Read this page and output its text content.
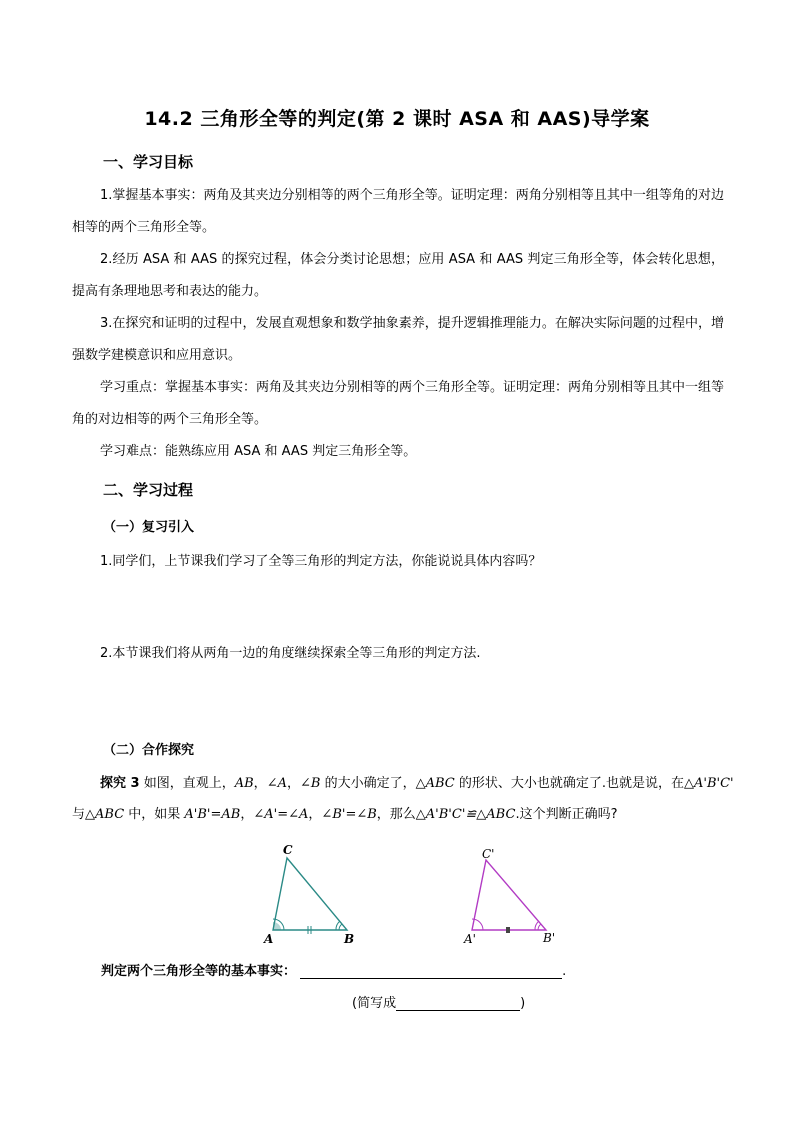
14.2 三角形全等的判定(第 2 课时 ASA 和 AAS)导学案
一、学习目标
1.掌握基本事实：两角及其夹边分别相等的两个三角形全等。证明定理：两角分别相等且其中一组等角的对边相等的两个三角形全等。
2.经历 ASA 和 AAS 的探究过程，体会分类讨论思想；应用 ASA 和 AAS 判定三角形全等，体会转化思想，提高有条理地思考和表达的能力。
3.在探究和证明的过程中，发展直观想象和数学抽象素养，提升逻辑推理能力。在解决实际问题的过程中，增强数学建模意识和应用意识。
学习重点：掌握基本事实：两角及其夹边分别相等的两个三角形全等。证明定理：两角分别相等且其中一组等角的对边相等的两个三角形全等。
学习难点：能熟练应用 ASA 和 AAS 判定三角形全等。
二、学习过程
（一）复习引入
1.同学们，上节课我们学习了全等三角形的判定方法，你能说说具体内容吗？
2.本节课我们将从两角一边的角度继续探索全等三角形的判定方法.
（二）合作探究
探究 3 如图，直观上，AB，∠A，∠B 的大小确定了，△ABC 的形状、大小也就确定了.也就是说，在△A'B'C'
与△ABC 中，如果 A'B'=AB，∠A'=∠A，∠B'=∠B，那么△A'B'C'≌△ABC.这个判断正确吗?
A	B
C
A'	B'
C'
判定两个三角形全等的基本事实：	.
(简写成	)
